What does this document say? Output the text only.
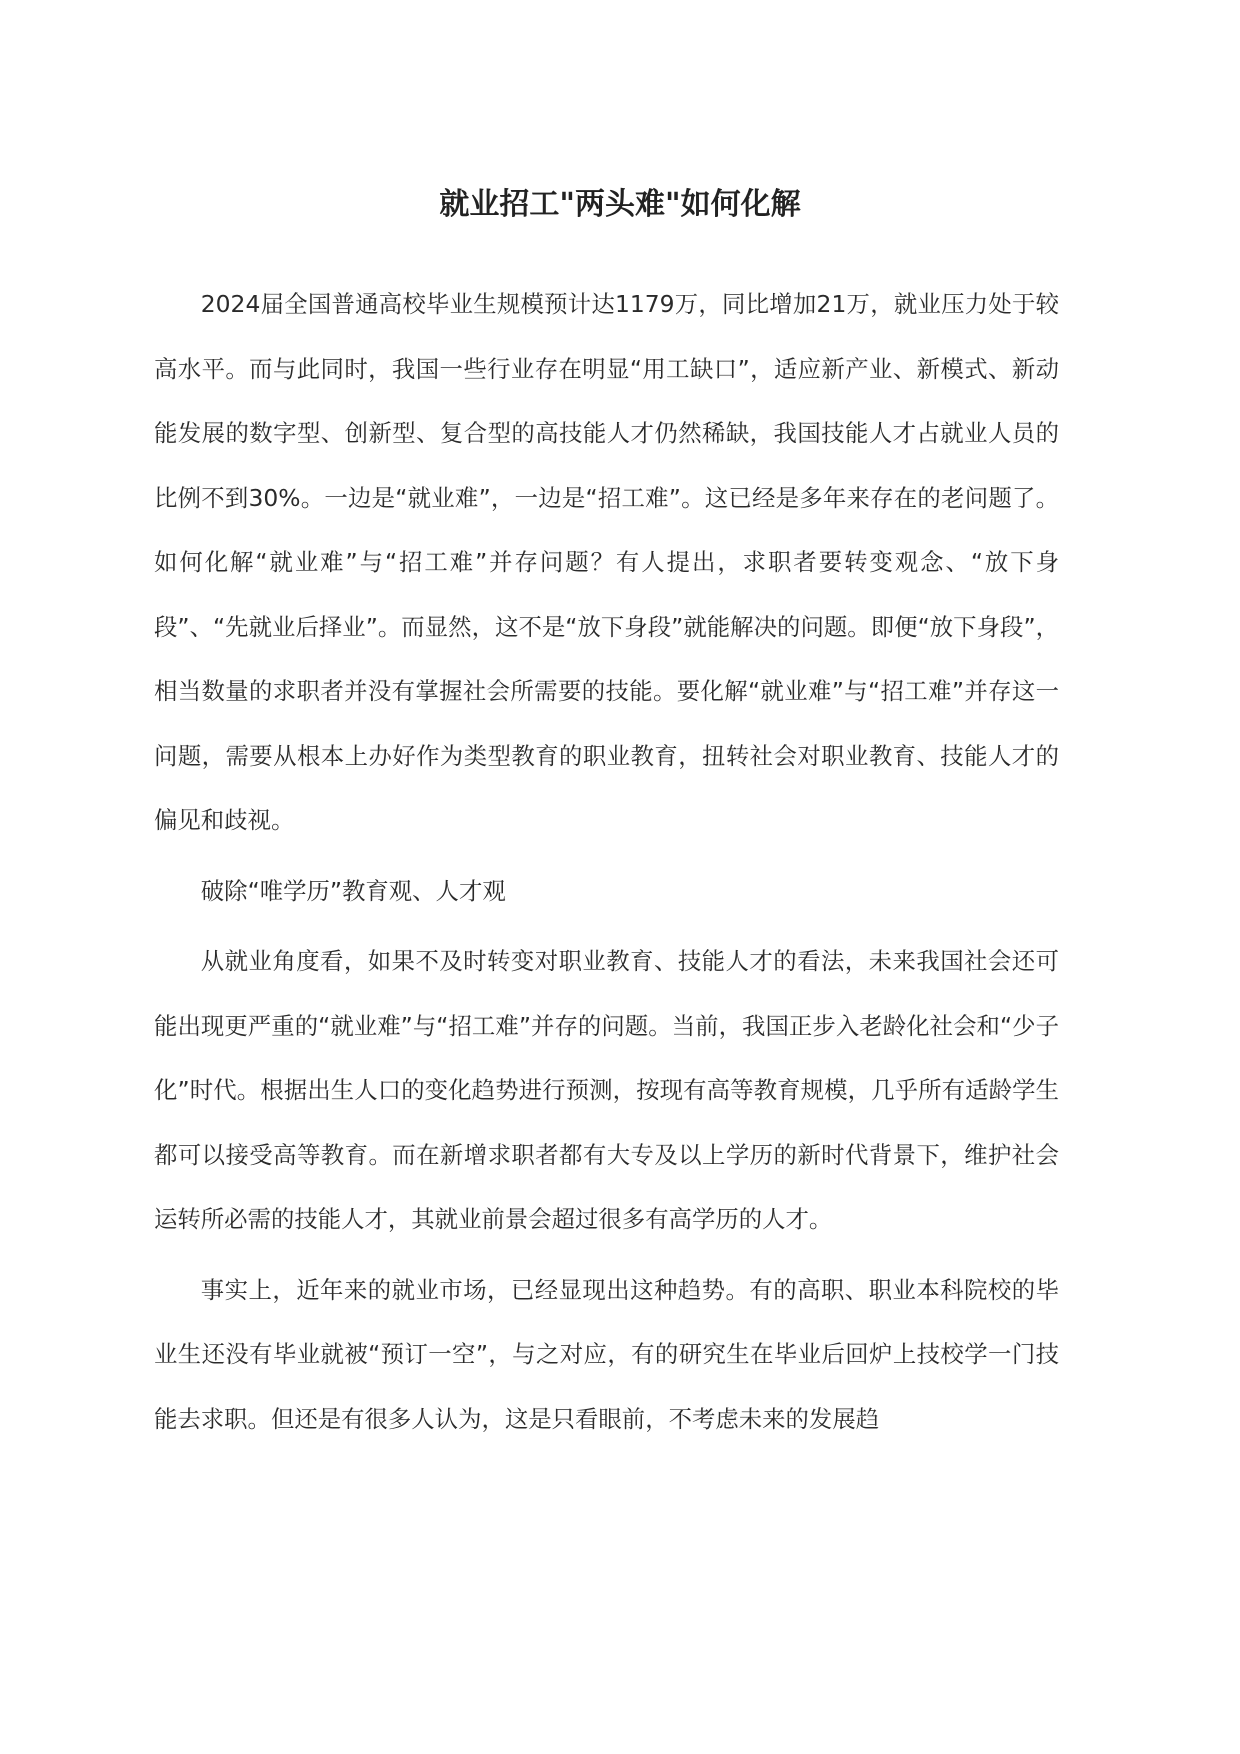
就业招工"两头难"如何化解

2024届全国普通高校毕业生规模预计达1179万，同比增加21万，就业压力处于较高水平。而与此同时，我国一些行业存在明显“用工缺口”，适应新产业、新模式、新动能发展的数字型、创新型、复合型的高技能人才仍然稀缺，我国技能人才占就业人员的比例不到30%。一边是“就业难”，一边是“招工难”。这已经是多年来存在的老问题了。如何化解“就业难”与“招工难”并存问题？有人提出，求职者要转变观念、“放下身段”、“先就业后择业”。而显然，这不是“放下身段”就能解决的问题。即便“放下身段”，相当数量的求职者并没有掌握社会所需要的技能。要化解“就业难”与“招工难”并存这一问题，需要从根本上办好作为类型教育的职业教育，扭转社会对职业教育、技能人才的偏见和歧视。

破除“唯学历”教育观、人才观

从就业角度看，如果不及时转变对职业教育、技能人才的看法，未来我国社会还可能出现更严重的“就业难”与“招工难”并存的问题。当前，我国正步入老龄化社会和“少子化”时代。根据出生人口的变化趋势进行预测，按现有高等教育规模，几乎所有适龄学生都可以接受高等教育。而在新增求职者都有大专及以上学历的新时代背景下，维护社会运转所必需的技能人才，其就业前景会超过很多有高学历的人才。

事实上，近年来的就业市场，已经显现出这种趋势。有的高职、职业本科院校的毕业生还没有毕业就被“预订一空”，与之对应，有的研究生在毕业后回炉上技校学一门技能去求职。但还是有很多人认为，这是只看眼前，不考虑未来的发展趋
